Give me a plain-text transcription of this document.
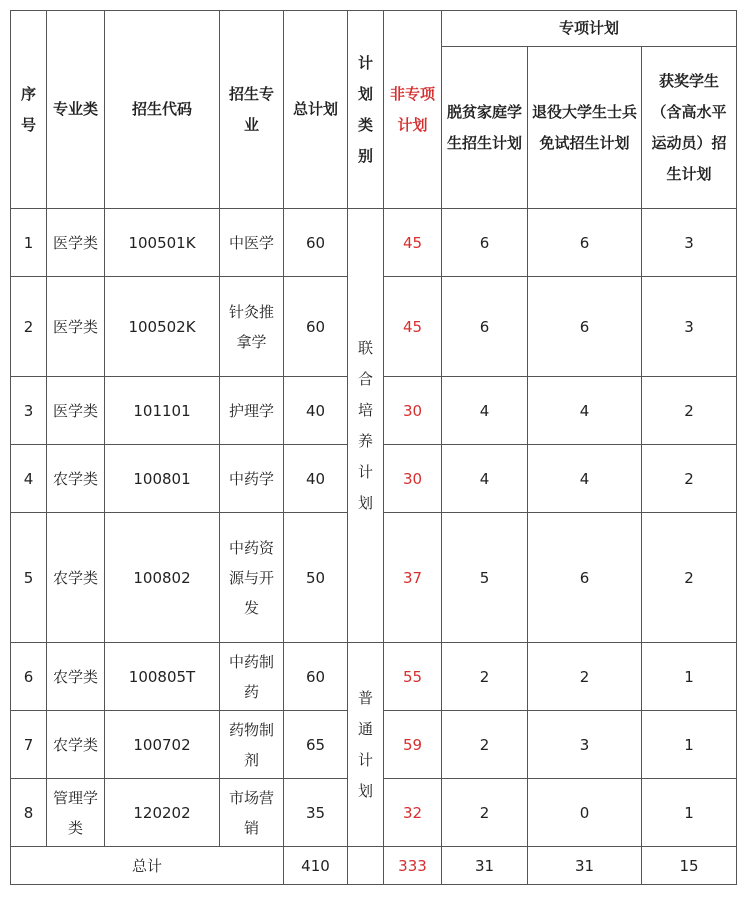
序号	专业类	招生代码	招生专业	总计划	计划类别	非专项计划	专项计划		
							脱贫家庭学生招生计划	退役大学生士兵免试招生计划	获奖学生（含高水平运动员）招生计划
1	医学类	100501K	中医学	60	联合培养计划	45	6	6	3
2	医学类	100502K	针灸推拿学	60		45	6	6	3
3	医学类	101101	护理学	40		30	4	4	2
4	农学类	100801	中药学	40		30	4	4	2
5	农学类	100802	中药资源与开发	50		37	5	6	2
6	农学类	100805T	中药制药	60	普通计划	55	2	2	1
7	农学类	100702	药物制剂	65		59	2	3	1
8	管理学类	120202	市场营销	35		32	2	0	1
总计				410		333	31	31	15
